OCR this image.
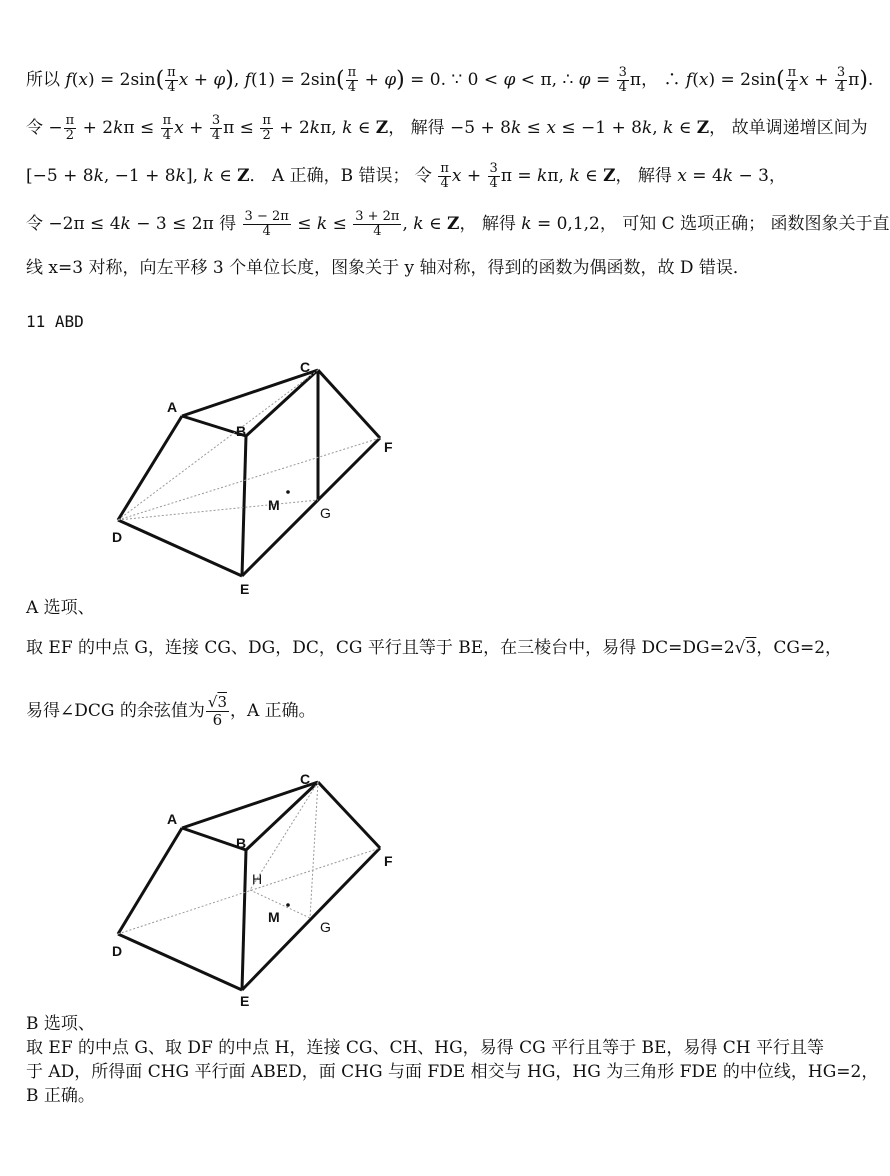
所以 $f(x) = 2\sin( \frac{\pi}{4}$ x + φ), $f(1) = 2\sin( \frac{\pi}{4} + \varphi) = 0$. ∵ 0 < φ < π, ∴ $\varphi = \frac{3}{4}$ π， ∴ $f(x) = 2\sin( \frac{\pi}{4}$ $x + \frac{3}{4} \pi$).
令 − $\frac{\pi}{2} + 2k\pi \le \frac{\pi}{4}$ $x + \frac{3}{4}$ $\pi \le \frac{\pi}{2} + 2k\pi$, k ∈ Z， 解得 −5 + 8k ≤ x ≤ −1 + 8k, k ∈ Z， 故单调递增区间为
[−5 + 8k, −1 + 8k], k ∈ Z． A 正确，B 错误； 令 $\frac{\pi}{4}$ $x + \frac{3}{4}$ π = kπ, k ∈ Z， 解得 x = 4k − 3，
令 −2π ≤ 4k − 3 ≤ 2π 得 $\frac{3 - 2\pi}{4} \le k \le \frac{3 + 2\pi}{4}$ , k ∈ Z， 解得 k = 0,1,2， 可知 C 选项正确； 函数图象关于直
线 x=3 对称，向左平移 3 个单位长度，图象关于 y 轴对称，得到的函数为偶函数，故 D 错误．
11 ABD
A
B
C
D
E
F
G
M
A 选项、
取 EF 的中点 G，连接 CG、DG，DC，CG 平行且等于 BE，在三棱台中，易得 DC=DG=2√3，CG=2，
易得∠DCG 的余弦值为 $\frac{√3}{6}$ ，A 正确。
A
B
C
D
E
F
G
H
M
B 选项、
取 EF 的中点 G、取 DF 的中点 H，连接 CG、CH、HG，易得 CG 平行且等于 BE，易得 CH 平行且等
于 AD，所得面 CHG 平行面 ABED，面 CHG 与面 FDE 相交与 HG，HG 为三角形 FDE 的中位线，HG=2，
B 正确。
